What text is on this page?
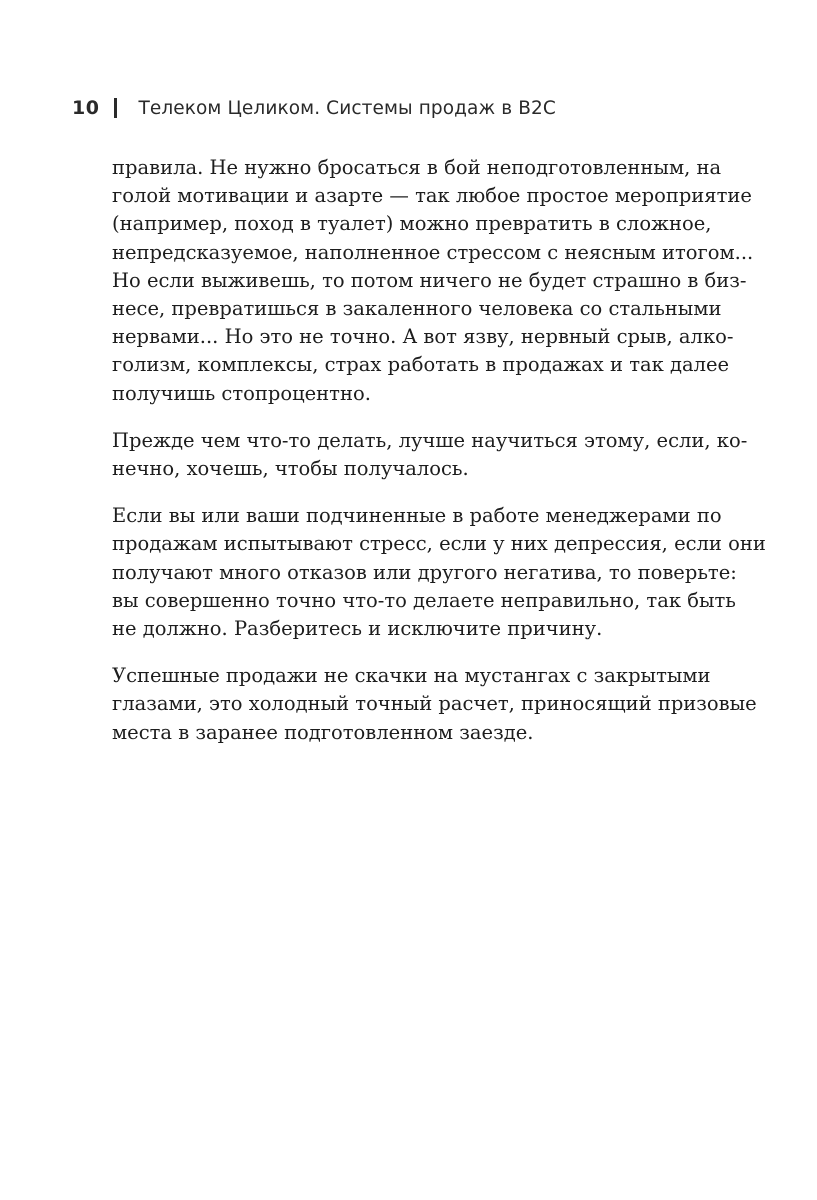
10 Телеком Целиком. Системы продаж в B2C
правила. Не нужно бросаться в бой неподготовленным, на
голой мотивации и азарте — так любое простое мероприятие
(например, поход в туалет) можно превратить в сложное,
непредсказуемое, наполненное стрессом с неясным итогом...
Но если выживешь, то потом ничего не будет страшно в биз-
несе, превратишься в закаленного человека со стальными
нервами... Но это не точно. А вот язву, нервный срыв, алко-
голизм, комплексы, страх работать в продажах и так далее
получишь стопроцентно.
Прежде чем что-то делать, лучше научиться этому, если, ко-
нечно, хочешь, чтобы получалось.
Если вы или ваши подчиненные в работе менеджерами по
продажам испытывают стресс, если у них депрессия, если они
получают много отказов или другого негатива, то поверьте:
вы совершенно точно что-то делаете неправильно, так быть
не должно. Разберитесь и исключите причину.
Успешные продажи не скачки на мустангах с закрытыми
глазами, это холодный точный расчет, приносящий призовые
места в заранее подготовленном заезде.
